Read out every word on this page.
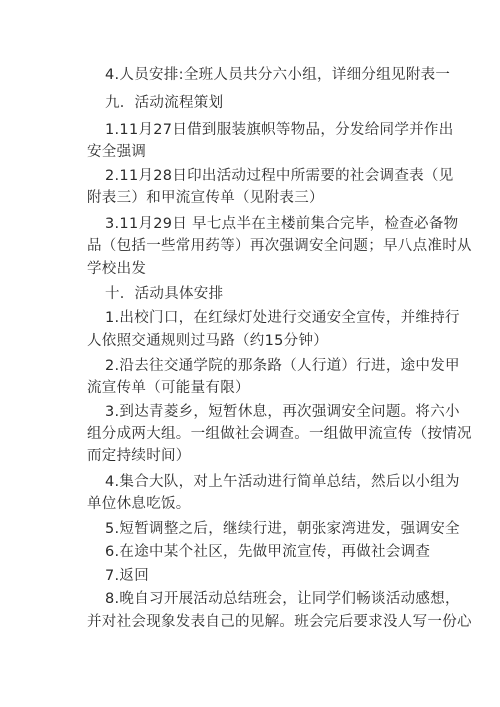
4.人员安排:全班人员共分六小组，详细分组见附表一
九．活动流程策划
1.11月27日借到服装旗帜等物品，分发给同学并作出
安全强调
2.11月28日印出活动过程中所需要的社会调查表（见
附表三）和甲流宣传单（见附表三）
3.11月29日 早七点半在主楼前集合完毕，检查必备物
品（包括一些常用药等）再次强调安全问题；早八点准时从
学校出发
十．活动具体安排
1.出校门口，在红绿灯处进行交通安全宣传，并维持行
人依照交通规则过马路（约15分钟）
2.沿去往交通学院的那条路（人行道）行进，途中发甲
流宣传单（可能量有限）
3.到达青菱乡，短暂休息，再次强调安全问题。将六小
组分成两大组。一组做社会调查。一组做甲流宣传（按情况
而定持续时间）
4.集合大队，对上午活动进行简单总结，然后以小组为
单位休息吃饭。
5.短暂调整之后，继续行进，朝张家湾进发，强调安全
6.在途中某个社区，先做甲流宣传，再做社会调查
7.返回
8.晚自习开展活动总结班会，让同学们畅谈活动感想，
并对社会现象发表自己的见解。班会完后要求没人写一份心
